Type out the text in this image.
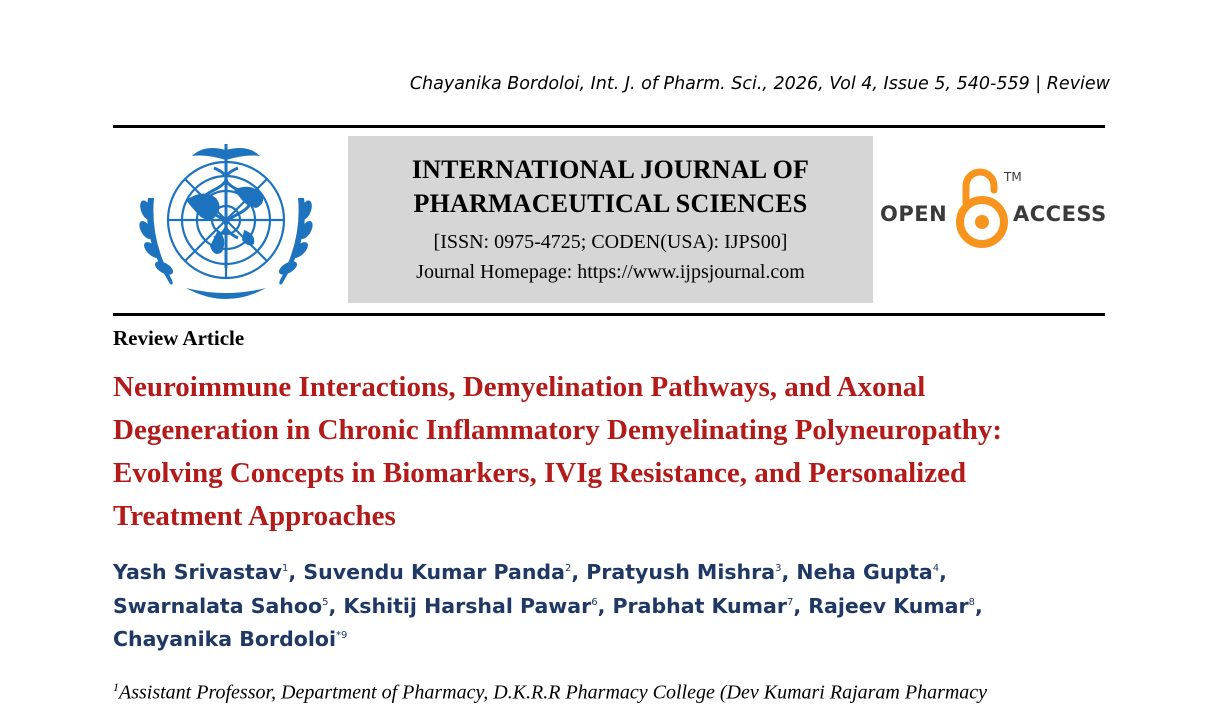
Chayanika Bordoloi, Int. J. of Pharm. Sci., 2026, Vol 4, Issue 5, 540-559 | Review
INTERNATIONAL JOURNAL OF
PHARMACEUTICAL SCIENCES
[ISSN: 0975-4725; CODEN(USA): IJPS00]
Journal Homepage: https://www.ijpsjournal.com
OPEN
TM
ACCESS
Review Article
Neuroimmune Interactions, Demyelination Pathways, and Axonal
Degeneration in Chronic Inflammatory Demyelinating Polyneuropathy:
Evolving Concepts in Biomarkers, IVIg Resistance, and Personalized
Treatment Approaches
Yash Srivastav$^1$, Suvendu Kumar Panda$^2$, Pratyush Mishra$^3$, Neha Gupta$^4$,
Swarnalata Sahoo$^5$, Kshitij Harshal Pawar$^6$, Prabhat Kumar$^7$, Rajeev Kumar$^8$,
Chayanika Bordoloi$^{*9}$
$^1$Assistant Professor, Department of Pharmacy, D.K.R.R Pharmacy College (Dev Kumari Rajaram Pharmacy
